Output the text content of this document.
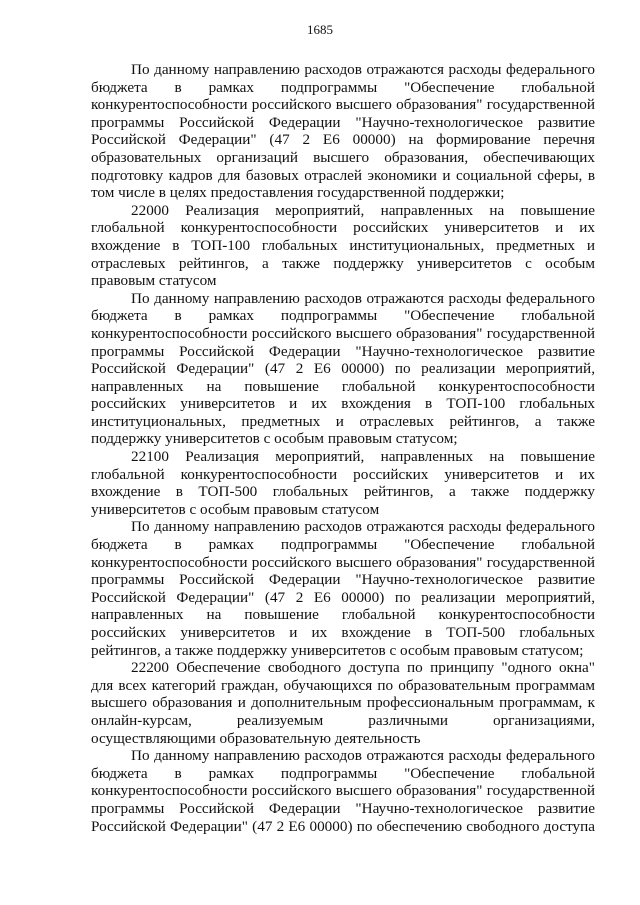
1685

По данному направлению расходов отражаются расходы федерального бюджета в рамках подпрограммы "Обеспечение глобальной конкурентоспособности российского высшего образования" государственной программы Российской Федерации "Научно-технологическое развитие Российской Федерации" (47 2 Е6 00000) на формирование перечня образовательных организаций высшего образования, обеспечивающих подготовку кадров для базовых отраслей экономики и социальной сферы, в том числе в целях предоставления государственной поддержки;

22000 Реализация мероприятий, направленных на повышение глобальной конкурентоспособности российских университетов и их вхождение в ТОП-100 глобальных институциональных, предметных и отраслевых рейтингов, а также поддержку университетов с особым правовым статусом

По данному направлению расходов отражаются расходы федерального бюджета в рамках подпрограммы "Обеспечение глобальной конкурентоспособности российского высшего образования" государственной программы Российской Федерации "Научно-технологическое развитие Российской Федерации" (47 2 Е6 00000) по реализации мероприятий, направленных на повышение глобальной конкурентоспособности российских университетов и их вхождения в ТОП-100 глобальных институциональных, предметных и отраслевых рейтингов, а также поддержку университетов с особым правовым статусом;

22100 Реализация мероприятий, направленных на повышение глобальной конкурентоспособности российских университетов и их вхождение в ТОП-500 глобальных рейтингов, а также поддержку университетов с особым правовым статусом

По данному направлению расходов отражаются расходы федерального бюджета в рамках подпрограммы "Обеспечение глобальной конкурентоспособности российского высшего образования" государственной программы Российской Федерации "Научно-технологическое развитие Российской Федерации" (47 2 Е6 00000) по реализации мероприятий, направленных на повышение глобальной конкурентоспособности российских университетов и их вхождение в ТОП-500 глобальных рейтингов, а также поддержку университетов с особым правовым статусом;

22200 Обеспечение свободного доступа по принципу "одного окна" для всех категорий граждан, обучающихся по образовательным программам высшего образования и дополнительным профессиональным программам, к онлайн-курсам, реализуемым различными организациями, осуществляющими образовательную деятельность

По данному направлению расходов отражаются расходы федерального бюджета в рамках подпрограммы "Обеспечение глобальной конкурентоспособности российского высшего образования" государственной программы Российской Федерации "Научно-технологическое развитие Российской Федерации" (47 2 Е6 00000) по обеспечению свободного доступа
